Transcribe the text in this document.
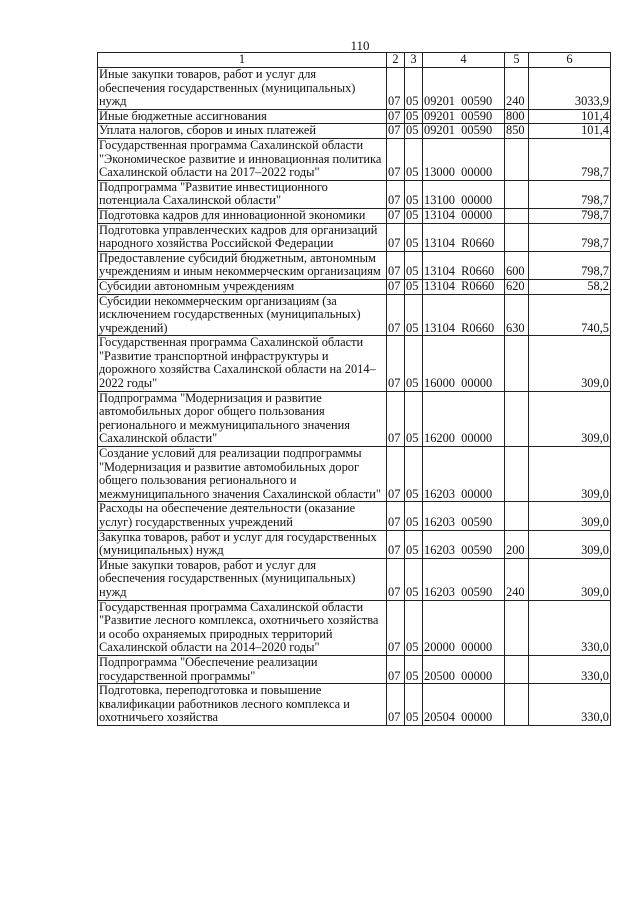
110
1	2	3	4	5	6
Иные закупки товаров, работ и услуг для обеспечения государственных (муниципальных) нужд	07	05	09201  00590	240	3033,9
Иные бюджетные ассигнования	07	05	09201  00590	800	101,4
Уплата налогов, сборов и иных платежей	07	05	09201  00590	850	101,4
Государственная программа Сахалинской области "Экономическое развитие и инновационная политика Сахалинской области на 2017–2022 годы"	07	05	13000  00000		798,7
Подпрограмма "Развитие инвестиционного потенциала Сахалинской области"	07	05	13100  00000		798,7
Подготовка кадров для инновационной экономики	07	05	13104  00000		798,7
Подготовка управленческих кадров для организаций народного хозяйства Российской Федерации	07	05	13104  R0660		798,7
Предоставление субсидий бюджетным, автономным учреждениям и иным некоммерческим организациям	07	05	13104  R0660	600	798,7
Субсидии автономным учреждениям	07	05	13104  R0660	620	58,2
Субсидии некоммерческим организациям (за исключением государственных (муниципальных) учреждений)	07	05	13104  R0660	630	740,5
Государственная программа Сахалинской области "Развитие транспортной инфраструктуры и дорожного хозяйства Сахалинской области на 2014–2022 годы"	07	05	16000  00000		309,0
Подпрограмма "Модернизация и развитие автомобильных дорог общего пользования регионального и межмуниципального значения Сахалинской области"	07	05	16200  00000		309,0
Создание условий для реализации подпрограммы "Модернизация и развитие автомобильных дорог общего пользования регионального и межмуниципального значения Сахалинской области"	07	05	16203  00000		309,0
Расходы на обеспечение деятельности (оказание услуг) государственных учреждений	07	05	16203  00590		309,0
Закупка товаров, работ и услуг для государственных (муниципальных) нужд	07	05	16203  00590	200	309,0
Иные закупки товаров, работ и услуг для обеспечения государственных (муниципальных) нужд	07	05	16203  00590	240	309,0
Государственная программа Сахалинской области "Развитие лесного комплекса, охотничьего хозяйства и особо охраняемых природных территорий Сахалинской области на 2014–2020 годы"	07	05	20000  00000		330,0
Подпрограмма "Обеспечение реализации государственной программы"	07	05	20500  00000		330,0
Подготовка, переподготовка и повышение квалификации работников лесного комплекса и охотничьего хозяйства	07	05	20504  00000		330,0
